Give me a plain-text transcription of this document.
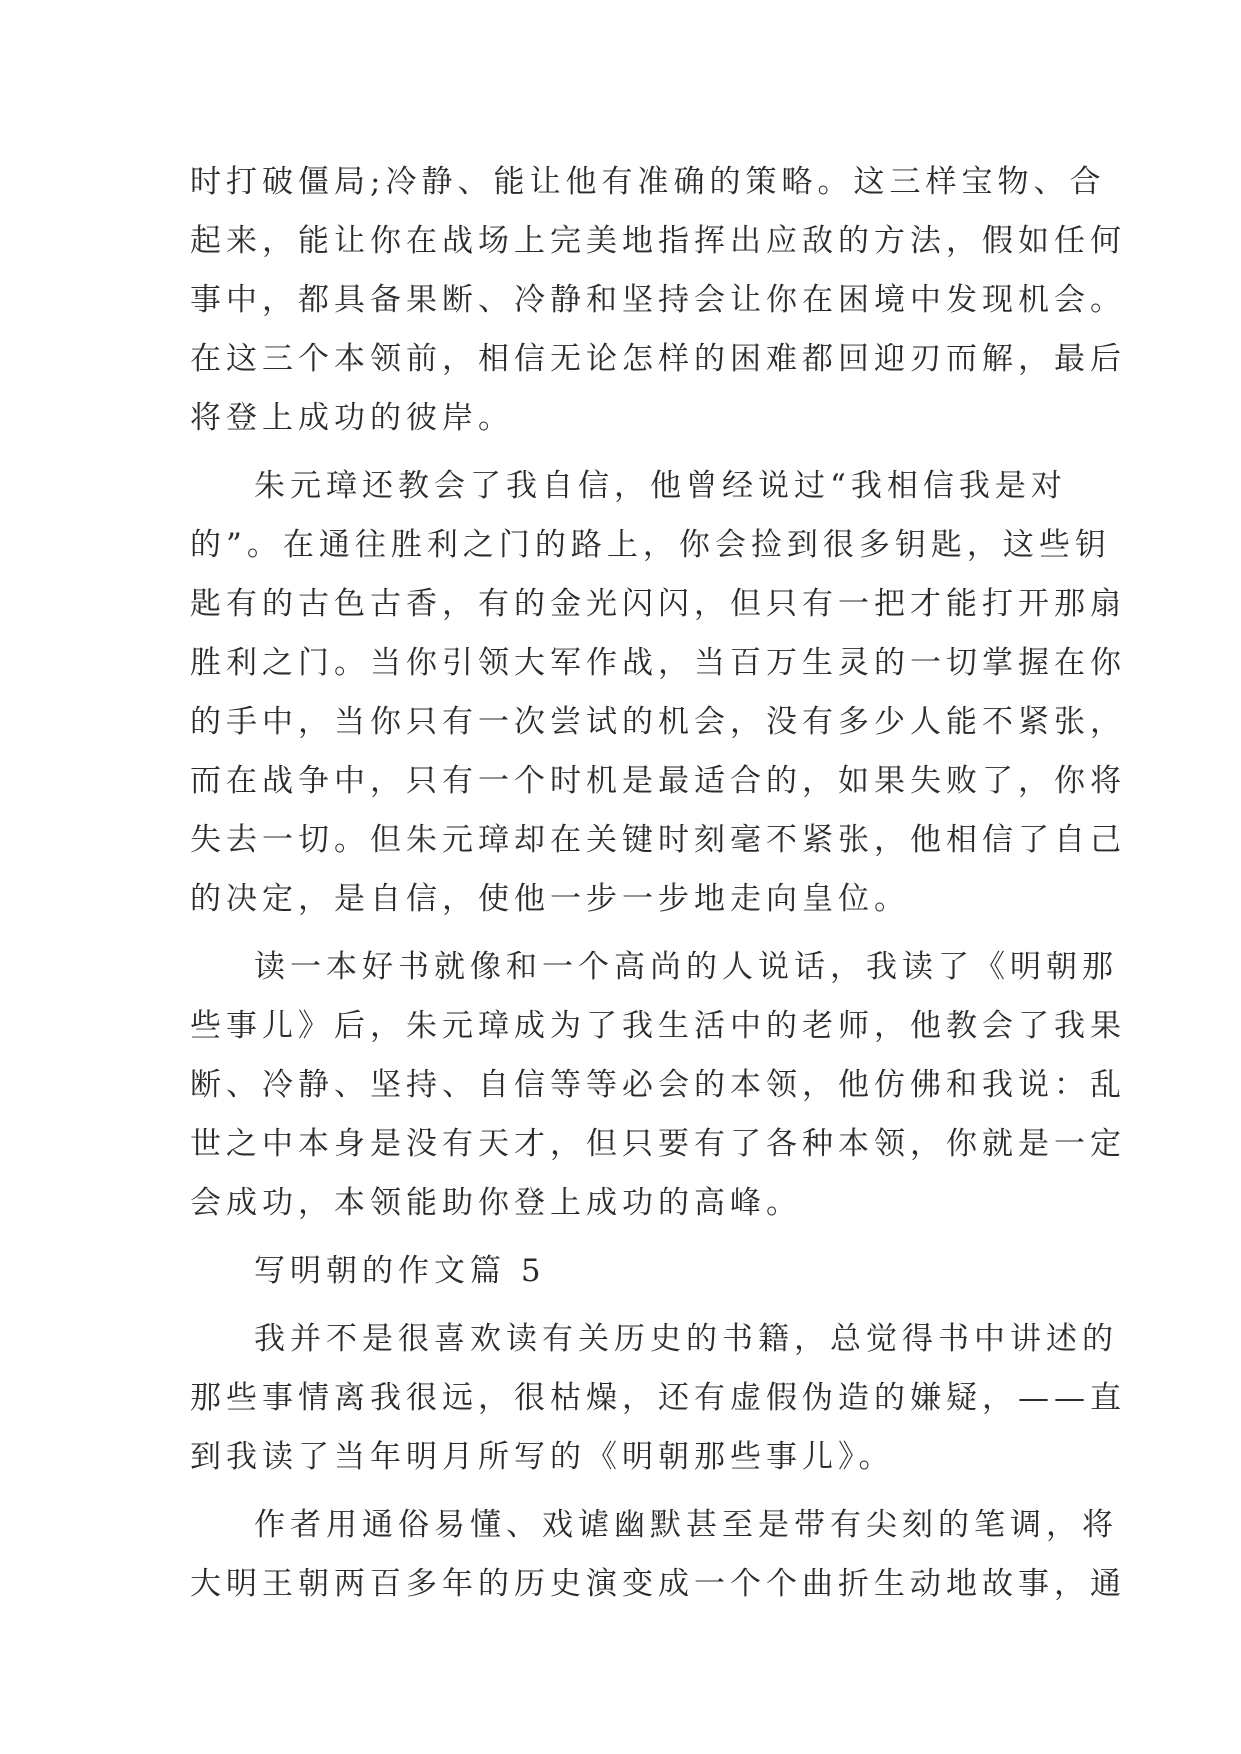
时打破僵局;冷静、能让他有准确的策略。这三样宝物、合
起来，能让你在战场上完美地指挥出应敌的方法，假如任何
事中，都具备果断、冷静和坚持会让你在困境中发现机会。
在这三个本领前，相信无论怎样的困难都回迎刃而解，最后
将登上成功的彼岸。
朱元璋还教会了我自信，他曾经说过“我相信我是对
的”。在通往胜利之门的路上，你会捡到很多钥匙，这些钥
匙有的古色古香，有的金光闪闪，但只有一把才能打开那扇
胜利之门。当你引领大军作战，当百万生灵的一切掌握在你
的手中，当你只有一次尝试的机会，没有多少人能不紧张，
而在战争中，只有一个时机是最适合的，如果失败了，你将
失去一切。但朱元璋却在关键时刻毫不紧张，他相信了自己
的决定，是自信，使他一步一步地走向皇位。
读一本好书就像和一个高尚的人说话，我读了《明朝那
些事儿》后，朱元璋成为了我生活中的老师，他教会了我果
断、冷静、坚持、自信等等必会的本领，他仿佛和我说：乱
世之中本身是没有天才，但只要有了各种本领，你就是一定
会成功，本领能助你登上成功的高峰。
写明朝的作文篇 5
我并不是很喜欢读有关历史的书籍，总觉得书中讲述的
那些事情离我很远，很枯燥，还有虚假伪造的嫌疑，——直
到我读了当年明月所写的《明朝那些事儿》。
作者用通俗易懂、戏谑幽默甚至是带有尖刻的笔调，将
大明王朝两百多年的历史演变成一个个曲折生动地故事，通
